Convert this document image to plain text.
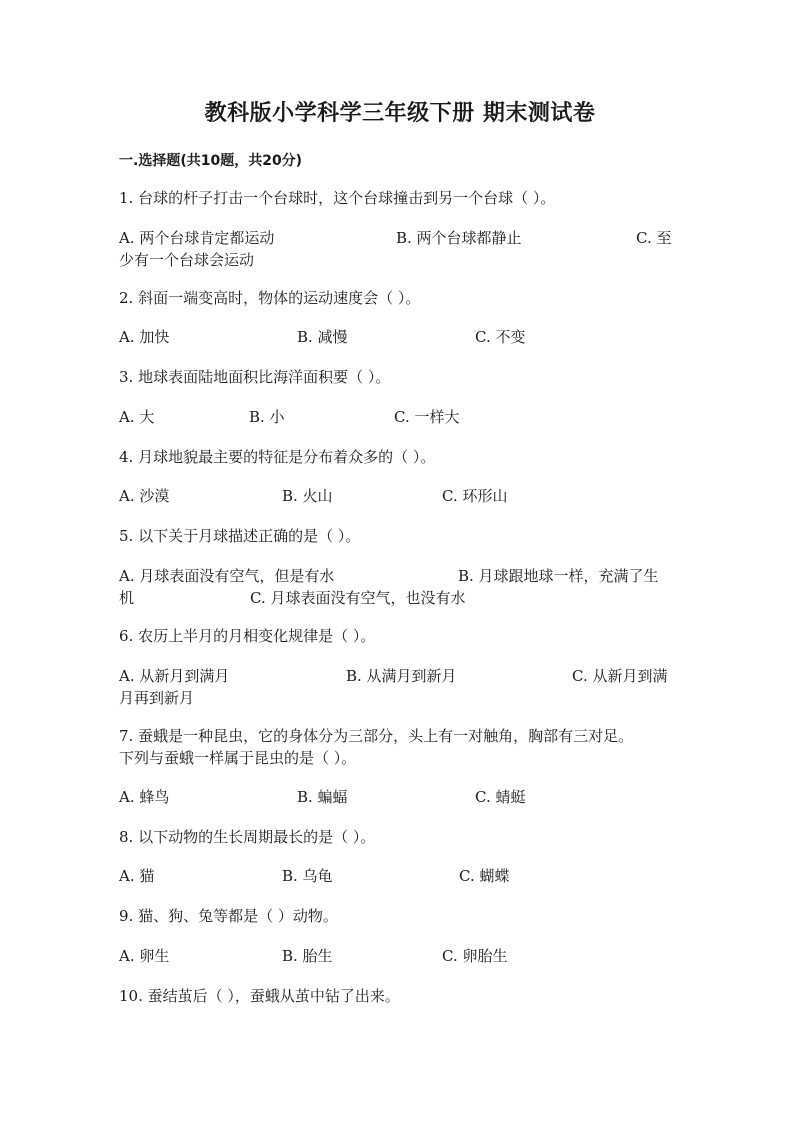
教科版小学科学三年级下册 期末测试卷
一.选择题(共10题，共20分)
1. 台球的杆子打击一个台球时，这个台球撞击到另一个台球（ ）。
A. 两个台球肯定都运动	B. 两个台球都静止	C. 至
少有一个台球会运动
2. 斜面一端变高时，物体的运动速度会（ ）。
A. 加快	B. 减慢	C. 不变
3. 地球表面陆地面积比海洋面积要（ ）。
A. 大	B. 小	C. 一样大
4. 月球地貌最主要的特征是分布着众多的（ ）。
A. 沙漠	B. 火山	C. 环形山
5. 以下关于月球描述正确的是（ ）。
A. 月球表面没有空气，但是有水	B. 月球跟地球一样，充满了生
机	C. 月球表面没有空气，也没有水
6. 农历上半月的月相变化规律是（ ）。
A. 从新月到满月	B. 从满月到新月	C. 从新月到满
月再到新月
7. 蚕蛾是一种昆虫，它的身体分为三部分，头上有一对触角，胸部有三对足。
下列与蚕蛾一样属于昆虫的是（ ）。
A. 蜂鸟	B. 蝙蝠	C. 蜻蜓
8. 以下动物的生长周期最长的是（ ）。
A. 猫	B. 乌龟	C. 蝴蝶
9. 猫、狗、兔等都是（ ）动物。
A. 卵生	B. 胎生	C. 卵胎生
10. 蚕结茧后（ ），蚕蛾从茧中钻了出来。
